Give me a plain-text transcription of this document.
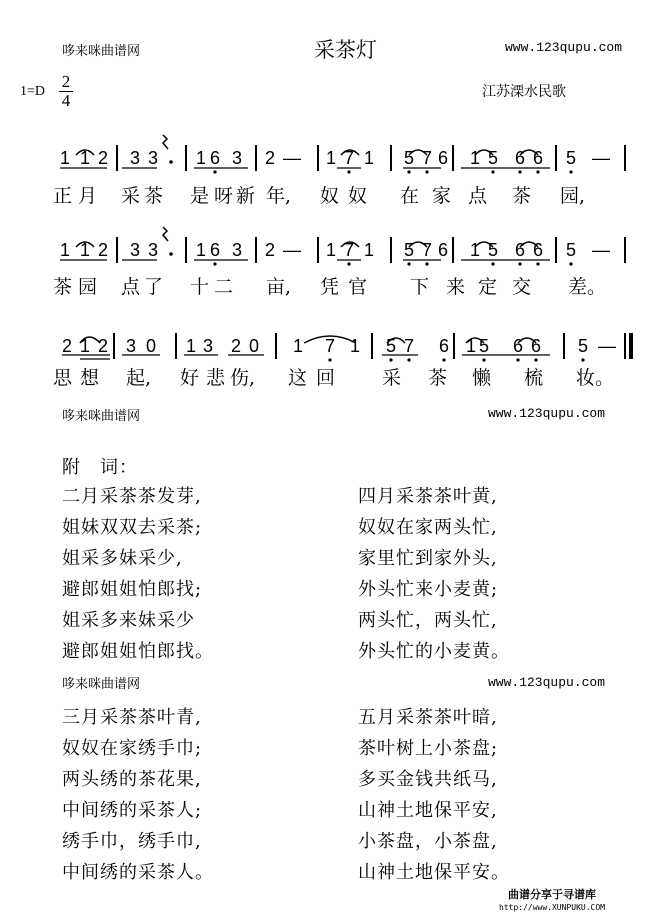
哆来咪曲谱网	采茶灯	www.123qupu.com
1=D
2
4	江苏溧水民歌
1 1 2 3 3 1 6 3 2 — 1 7 1 5 7 6 1 5 6 6 5 —
正 月 采 茶 是 呀 新 年, 奴 奴 在 家 点 茶 园,
1 1 2 3 3 1 6 3 2 — 1 7 1 5 7 6 1 5 6 6 5 —
茶 园 点 了 十 二 亩, 凭 官 下 来 定 交 差。
2 1 2 3 0 1 3 2 0 1 7 1 5 7 6 1 5 6 6 5 —
思 想 起, 好 悲 伤, 这 回 采 茶 懒 梳 妆。
哆来咪曲谱网	www.123qupu.com
附　词：
二月采茶茶发芽,
姐妹双双去采茶;
姐采多妹采少,
避郎姐姐怕郎找;
姐采多来妹采少
避郎姐姐怕郎找。
四月采茶茶叶黄,
奴奴在家两头忙,
家里忙到家外头,
外头忙来小麦黄;
两头忙，两头忙,
外头忙的小麦黄。
哆来咪曲谱网	www.123qupu.com
三月采茶茶叶青,
奴奴在家绣手巾;
两头绣的茶花果,
中间绣的采茶人;
绣手巾，绣手巾,
中间绣的采茶人。
五月采茶茶叶暗,
茶叶树上小茶盘;
多买金钱共纸马,
山神土地保平安,
小茶盘，小茶盘,
山神土地保平安。
曲谱分享于寻谱库
http://www.XUNPUKU.COM
